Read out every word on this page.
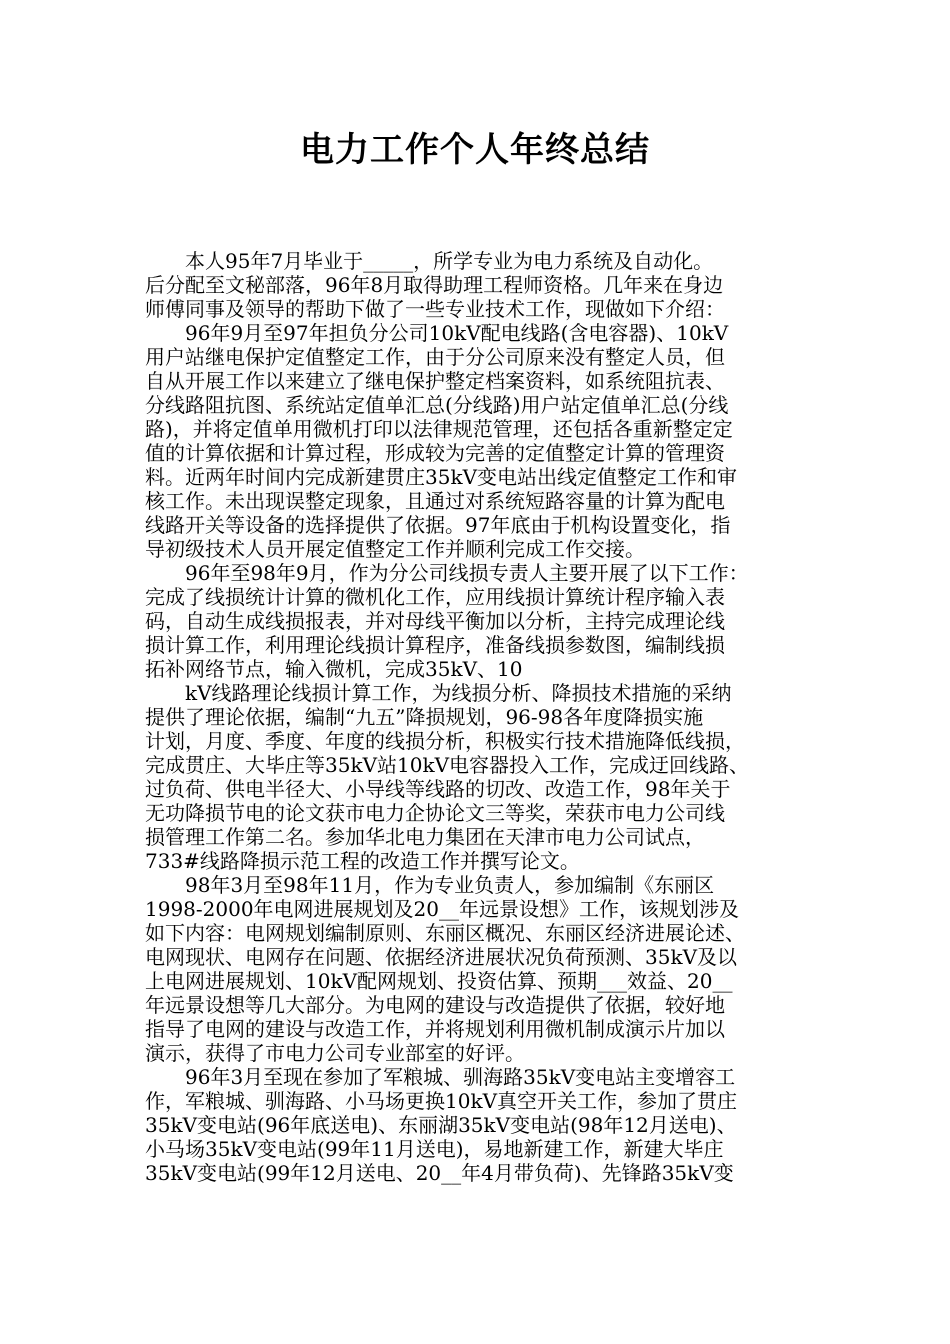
电力工作个人年终总结
　　本人95年7月毕业于_____，所学专业为电力系统及自动化。
后分配至文秘部落，96年8月取得助理工程师资格。几年来在身边
师傅同事及领导的帮助下做了一些专业技术工作，现做如下介绍：
　　96年9月至97年担负分公司10kV配电线路(含电容器)、10kV
用户站继电保护定值整定工作，由于分公司原来没有整定人员，但
自从开展工作以来建立了继电保护整定档案资料，如系统阻抗表、
分线路阻抗图、系统站定值单汇总(分线路)用户站定值单汇总(分线
路)，并将定值单用微机打印以法律规范管理，还包括各重新整定定
值的计算依据和计算过程，形成较为完善的定值整定计算的管理资
料。近两年时间内完成新建贯庄35kV变电站出线定值整定工作和审
核工作。未出现误整定现象，且通过对系统短路容量的计算为配电
线路开关等设备的选择提供了依据。97年底由于机构设置变化，指
导初级技术人员开展定值整定工作并顺利完成工作交接。
　　96年至98年9月，作为分公司线损专责人主要开展了以下工作：
完成了线损统计计算的微机化工作，应用线损计算统计程序输入表
码，自动生成线损报表，并对母线平衡加以分析，主持完成理论线
损计算工作，利用理论线损计算程序，准备线损参数图，编制线损
拓补网络节点，输入微机，完成35kV、10
　　kV线路理论线损计算工作，为线损分析、降损技术措施的采纳
提供了理论依据，编制“九五”降损规划，96-98各年度降损实施
计划，月度、季度、年度的线损分析，积极实行技术措施降低线损，
完成贯庄、大毕庄等35kV站10kV电容器投入工作，完成迂回线路、
过负荷、供电半径大、小导线等线路的切改、改造工作，98年关于
无功降损节电的论文获市电力企协论文三等奖，荣获市电力公司线
损管理工作第二名。参加华北电力集团在天津市电力公司试点，
733#线路降损示范工程的改造工作并撰写论文。
　　98年3月至98年11月，作为专业负责人，参加编制《东丽区
1998-2000年电网进展规划及20__年远景设想》工作，该规划涉及
如下内容：电网规划编制原则、东丽区概况、东丽区经济进展论述、
电网现状、电网存在问题、依据经济进展状况负荷预测、35kV及以
上电网进展规划、10kV配网规划、投资估算、预期___效益、20__
年远景设想等几大部分。为电网的建设与改造提供了依据，较好地
指导了电网的建设与改造工作，并将规划利用微机制成演示片加以
演示，获得了市电力公司专业部室的好评。
　　96年3月至现在参加了军粮城、驯海路35kV变电站主变增容工
作，军粮城、驯海路、小马场更换10kV真空开关工作，参加了贯庄
35kV变电站(96年底送电)、东丽湖35kV变电站(98年12月送电)、
小马场35kV变电站(99年11月送电)，易地新建工作，新建大毕庄
35kV变电站(99年12月送电、20__年4月带负荷)、先锋路35kV变
